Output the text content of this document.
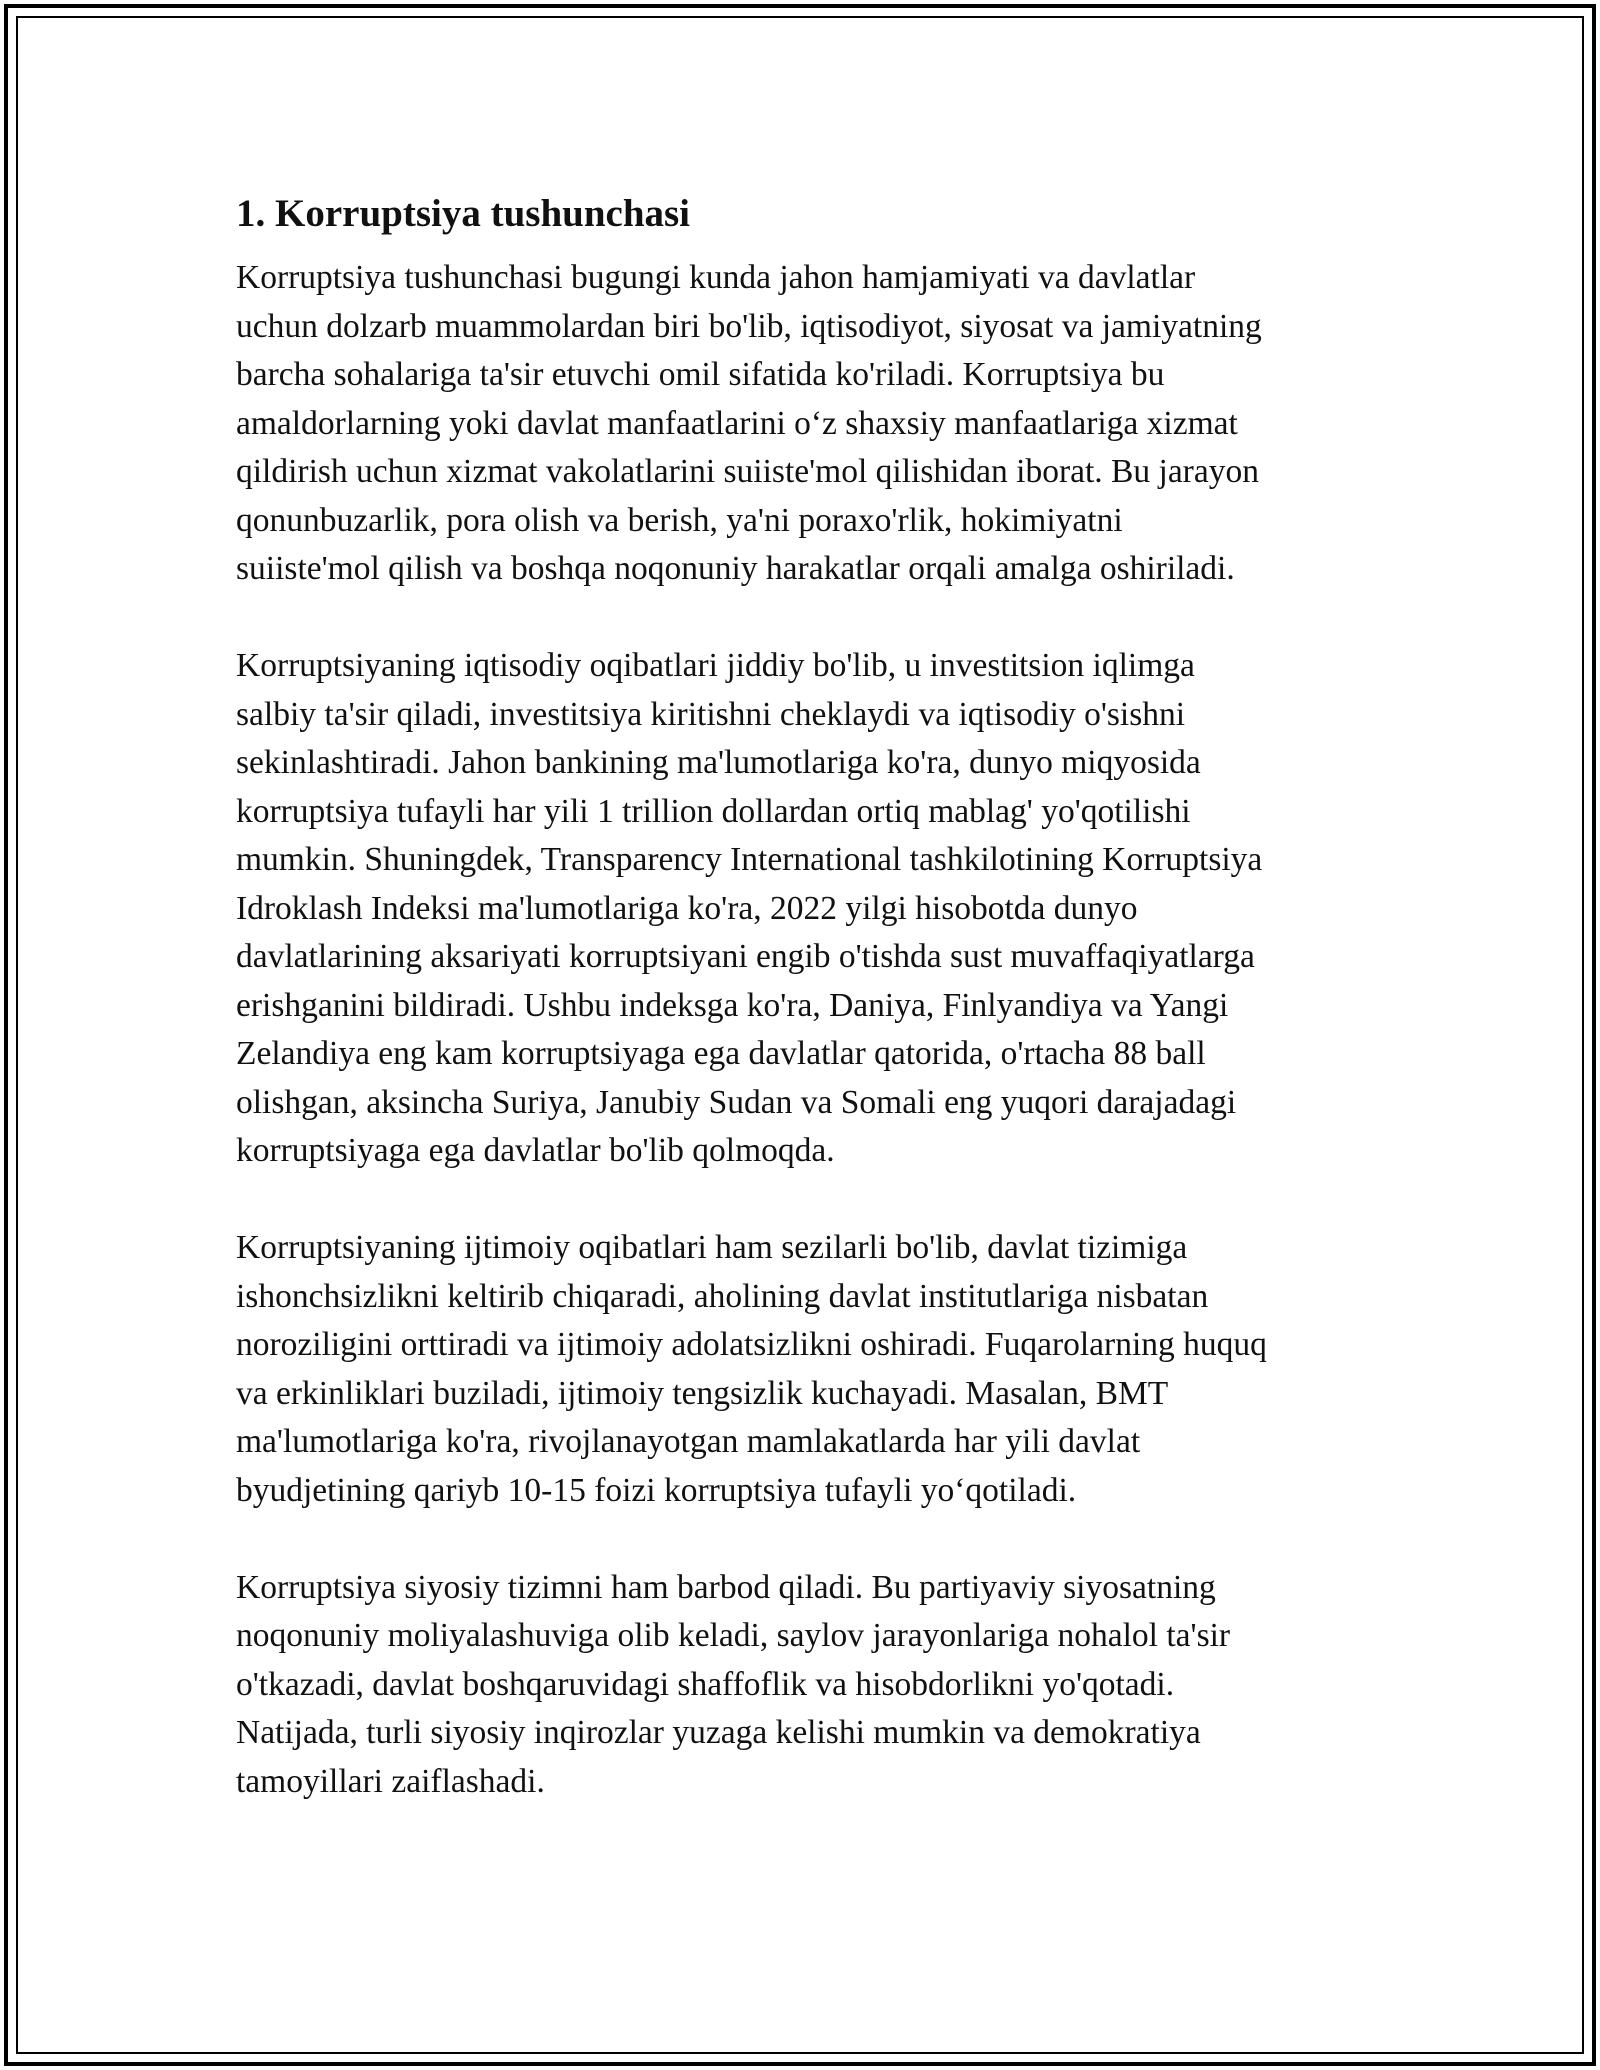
1. Korruptsiya tushunchasi

Korruptsiya tushunchasi bugungi kunda jahon hamjamiyati va davlatlar
uchun dolzarb muammolardan biri bo'lib, iqtisodiyot, siyosat va jamiyatning
barcha sohalariga ta'sir etuvchi omil sifatida ko'riladi. Korruptsiya bu
amaldorlarning yoki davlat manfaatlarini o‘z shaxsiy manfaatlariga xizmat
qildirish uchun xizmat vakolatlarini suiiste'mol qilishidan iborat. Bu jarayon
qonunbuzarlik, pora olish va berish, ya'ni poraxo'rlik, hokimiyatni
suiiste'mol qilish va boshqa noqonuniy harakatlar orqali amalga oshiriladi.

Korruptsiyaning iqtisodiy oqibatlari jiddiy bo'lib, u investitsion iqlimga
salbiy ta'sir qiladi, investitsiya kiritishni cheklaydi va iqtisodiy o'sishni
sekinlashtiradi. Jahon bankining ma'lumotlariga ko'ra, dunyo miqyosida
korruptsiya tufayli har yili 1 trillion dollardan ortiq mablag' yo'qotilishi
mumkin. Shuningdek, Transparency International tashkilotining Korruptsiya
Idroklash Indeksi ma'lumotlariga ko'ra, 2022 yilgi hisobotda dunyo
davlatlarining aksariyati korruptsiyani engib o'tishda sust muvaffaqiyatlarga
erishganini bildiradi. Ushbu indeksga ko'ra, Daniya, Finlyandiya va Yangi
Zelandiya eng kam korruptsiyaga ega davlatlar qatorida, o'rtacha 88 ball
olishgan, aksincha Suriya, Janubiy Sudan va Somali eng yuqori darajadagi
korruptsiyaga ega davlatlar bo'lib qolmoqda.

Korruptsiyaning ijtimoiy oqibatlari ham sezilarli bo'lib, davlat tizimiga
ishonchsizlikni keltirib chiqaradi, aholining davlat institutlariga nisbatan
noroziligini orttiradi va ijtimoiy adolatsizlikni oshiradi. Fuqarolarning huquq
va erkinliklari buziladi, ijtimoiy tengsizlik kuchayadi. Masalan, BMT
ma'lumotlariga ko'ra, rivojlanayotgan mamlakatlarda har yili davlat
byudjetining qariyb 10-15 foizi korruptsiya tufayli yo‘qotiladi.

Korruptsiya siyosiy tizimni ham barbod qiladi. Bu partiyaviy siyosatning
noqonuniy moliyalashuviga olib keladi, saylov jarayonlariga nohalol ta'sir
o'tkazadi, davlat boshqaruvidagi shaffoflik va hisobdorlikni yo'qotadi.
Natijada, turli siyosiy inqirozlar yuzaga kelishi mumkin va demokratiya
tamoyillari zaiflashadi.
